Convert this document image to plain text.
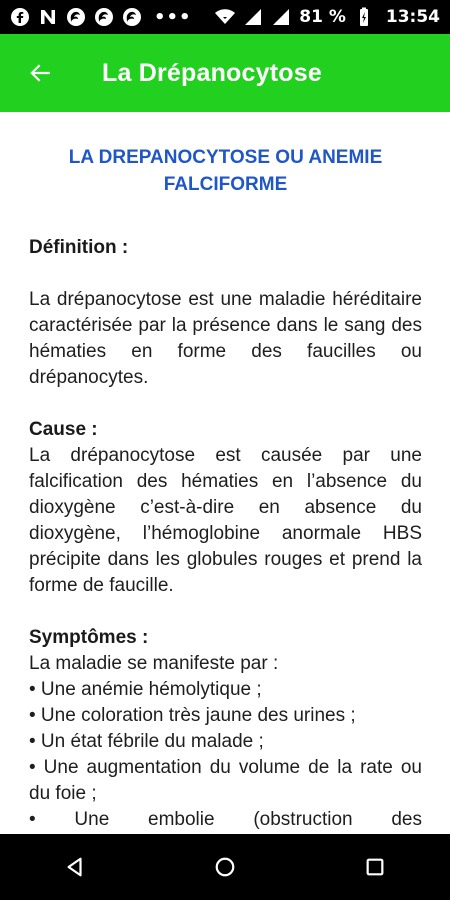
•••	81 % 13:54
La Drépanocytose
LA DREPANOCYTOSE OU ANEMIE FALCIFORME
Définition :
La drépanocytose est une maladie héréditaire caractérisée par la présence dans le sang des hématies en forme des faucilles ou drépanocytes.
Cause :
La drépanocytose est causée par une falcification des hématies en l’absence du dioxygène c’est-à-dire en absence du dioxygène, l’hémoglobine anormale HBS précipite dans les globules rouges et prend la forme de faucille.
Symptômes :
La maladie se manifeste par :
• Une anémie hémolytique ;
• Une coloration très jaune des urines ;
• Un état fébrile du malade ;
• Une augmentation du volume de la rate ou du foie ;
• Une embolie (obstruction des
